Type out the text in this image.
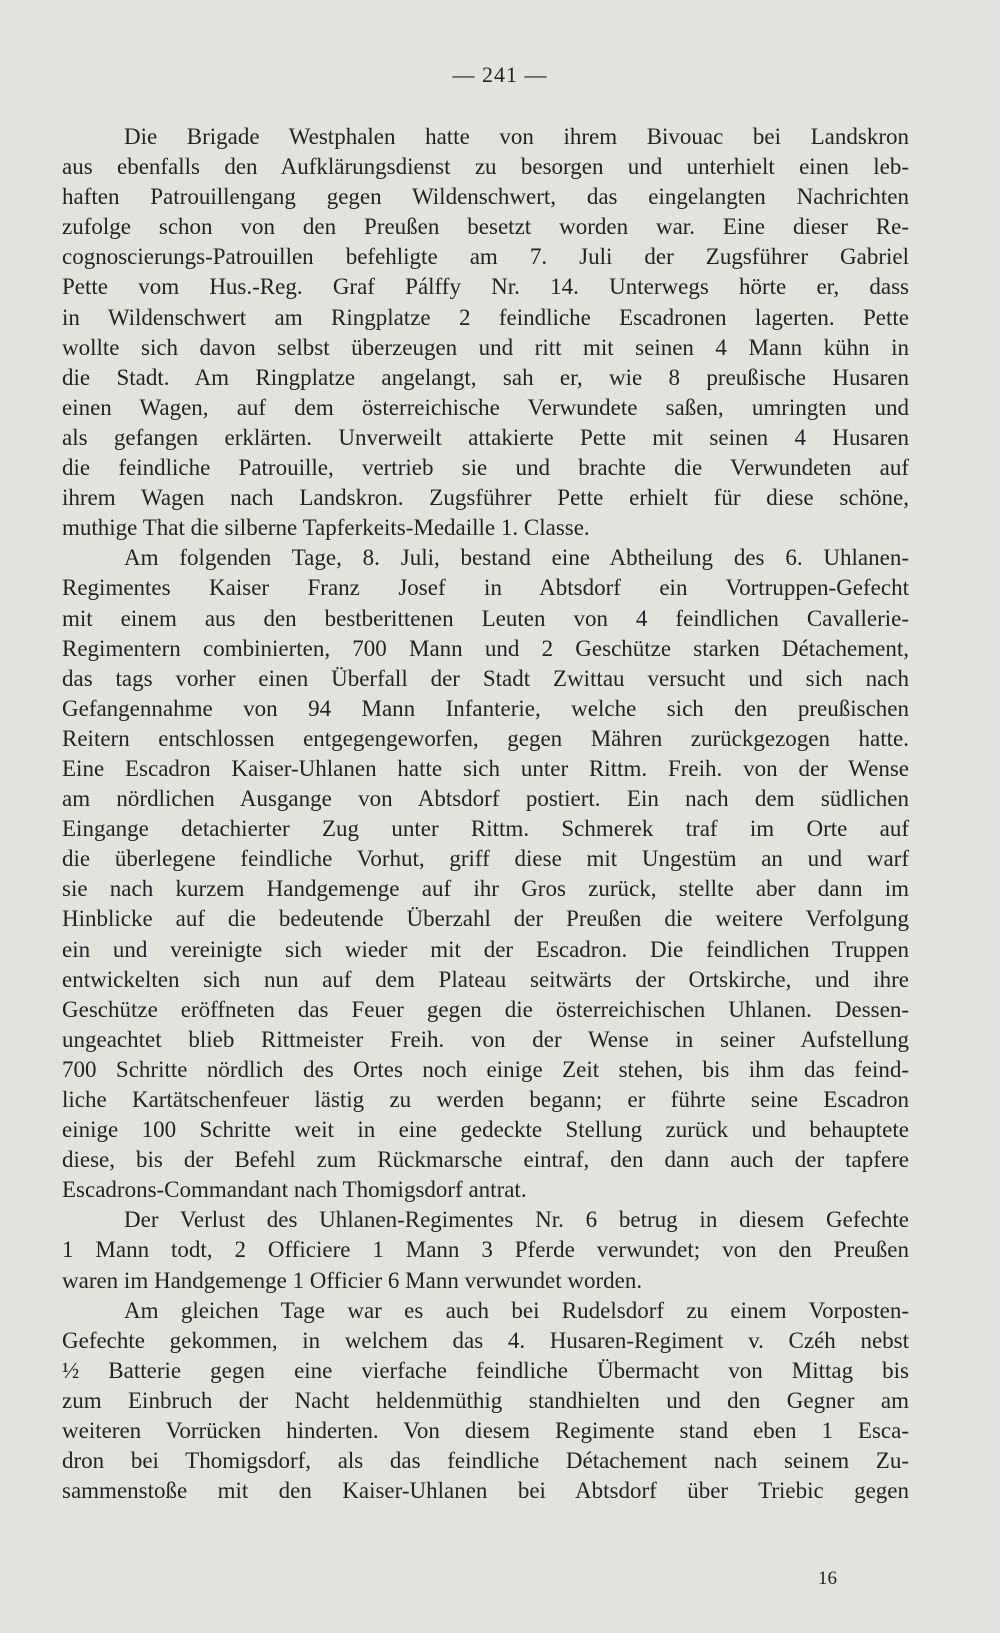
— 241 —
Die Brigade Westphalen hatte von ihrem Bivouac bei Landskron
aus ebenfalls den Aufklärungsdienst zu besorgen und unterhielt einen leb-
haften Patrouillengang gegen Wildenschwert, das eingelangten Nachrichten
zufolge schon von den Preußen besetzt worden war. Eine dieser Re-
cognoscierungs-Patrouillen befehligte am 7. Juli der Zugsführer Gabriel
Pette vom Hus.-Reg. Graf Pálffy Nr. 14. Unterwegs hörte er, dass
in Wildenschwert am Ringplatze 2 feindliche Escadronen lagerten. Pette
wollte sich davon selbst überzeugen und ritt mit seinen 4 Mann kühn in
die Stadt. Am Ringplatze angelangt, sah er, wie 8 preußische Husaren
einen Wagen, auf dem österreichische Verwundete saßen, umringten und
als gefangen erklärten. Unverweilt attakierte Pette mit seinen 4 Husaren
die feindliche Patrouille, vertrieb sie und brachte die Verwundeten auf
ihrem Wagen nach Landskron. Zugsführer Pette erhielt für diese schöne,
muthige That die silberne Tapferkeits-Medaille 1. Classe.
Am folgenden Tage, 8. Juli, bestand eine Abtheilung des 6. Uhlanen-
Regimentes Kaiser Franz Josef in Abtsdorf ein Vortruppen-Gefecht
mit einem aus den bestberittenen Leuten von 4 feindlichen Cavallerie-
Regimentern combinierten, 700 Mann und 2 Geschütze starken Détachement,
das tags vorher einen Überfall der Stadt Zwittau versucht und sich nach
Gefangennahme von 94 Mann Infanterie, welche sich den preußischen
Reitern entschlossen entgegengeworfen, gegen Mähren zurückgezogen hatte.
Eine Escadron Kaiser-Uhlanen hatte sich unter Rittm. Freih. von der Wense
am nördlichen Ausgange von Abtsdorf postiert. Ein nach dem südlichen
Eingange detachierter Zug unter Rittm. Schmerek traf im Orte auf
die überlegene feindliche Vorhut, griff diese mit Ungestüm an und warf
sie nach kurzem Handgemenge auf ihr Gros zurück, stellte aber dann im
Hinblicke auf die bedeutende Überzahl der Preußen die weitere Verfolgung
ein und vereinigte sich wieder mit der Escadron. Die feindlichen Truppen
entwickelten sich nun auf dem Plateau seitwärts der Ortskirche, und ihre
Geschütze eröffneten das Feuer gegen die österreichischen Uhlanen. Dessen-
ungeachtet blieb Rittmeister Freih. von der Wense in seiner Aufstellung
700 Schritte nördlich des Ortes noch einige Zeit stehen, bis ihm das feind-
liche Kartätschenfeuer lästig zu werden begann; er führte seine Escadron
einige 100 Schritte weit in eine gedeckte Stellung zurück und behauptete
diese, bis der Befehl zum Rückmarsche eintraf, den dann auch der tapfere
Escadrons-Commandant nach Thomigsdorf antrat.
Der Verlust des Uhlanen-Regimentes Nr. 6 betrug in diesem Gefechte
1 Mann todt, 2 Officiere 1 Mann 3 Pferde verwundet; von den Preußen
waren im Handgemenge 1 Officier 6 Mann verwundet worden.
Am gleichen Tage war es auch bei Rudelsdorf zu einem Vorposten-
Gefechte gekommen, in welchem das 4. Husaren-Regiment v. Czéh nebst
½ Batterie gegen eine vierfache feindliche Übermacht von Mittag bis
zum Einbruch der Nacht heldenmüthig standhielten und den Gegner am
weiteren Vorrücken hinderten. Von diesem Regimente stand eben 1 Esca-
dron bei Thomigsdorf, als das feindliche Détachement nach seinem Zu-
sammenstoße mit den Kaiser-Uhlanen bei Abtsdorf über Triebic gegen
16
